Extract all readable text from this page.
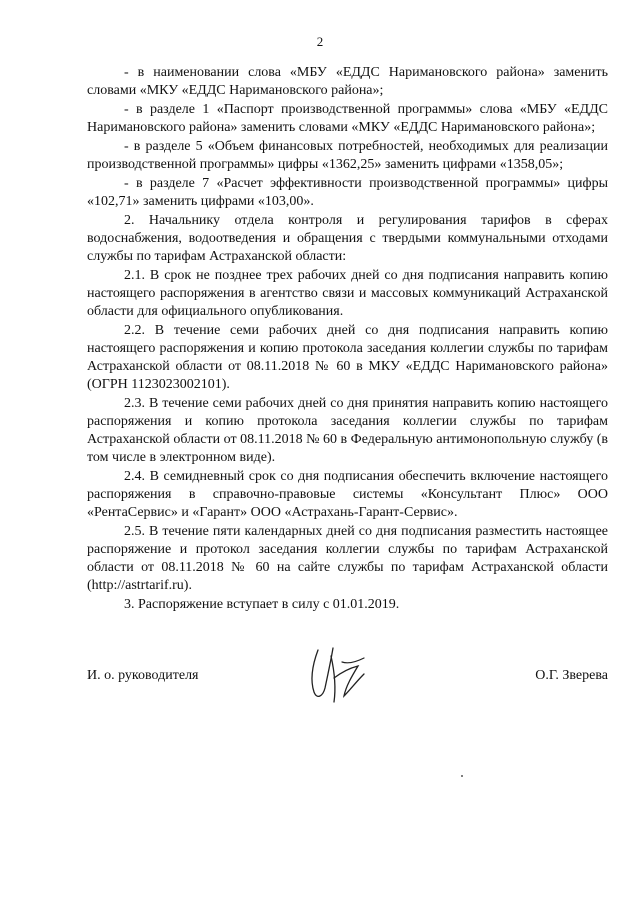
2

- в наименовании слова «МБУ «ЕДДС Наримановского района» заменить словами «МКУ «ЕДДС Наримановского района»;

- в разделе 1 «Паспорт производственной программы» слова «МБУ «ЕДДС Наримановского района» заменить словами «МКУ «ЕДДС Наримановского района»;

- в разделе 5 «Объем финансовых потребностей, необходимых для реализации производственной программы» цифры «1362,25» заменить цифрами «1358,05»;

- в разделе 7 «Расчет эффективности производственной программы» цифры «102,71» заменить цифрами «103,00».

2. Начальнику отдела контроля и регулирования тарифов в сферах водоснабжения, водоотведения и обращения с твердыми коммунальными отходами службы по тарифам Астраханской области:

2.1. В срок не позднее трех рабочих дней со дня подписания направить копию настоящего распоряжения в агентство связи и массовых коммуникаций Астраханской области для официального опубликования.

2.2. В течение семи рабочих дней со дня подписания направить копию настоящего распоряжения и копию протокола заседания коллегии службы по тарифам Астраханской области от 08.11.2018 № 60 в МКУ «ЕДДС Наримановского района» (ОГРН 1123023002101).

2.3. В течение семи рабочих дней со дня принятия направить копию настоящего распоряжения и копию протокола заседания коллегии службы по тарифам Астраханской области от 08.11.2018 № 60 в Федеральную антимонопольную службу (в том числе в электронном виде).

2.4. В семидневный срок со дня подписания обеспечить включение настоящего распоряжения в справочно-правовые системы «Консультант Плюс» ООО «РентаСервис» и «Гарант» ООО «Астрахань-Гарант-Сервис».

2.5. В течение пяти календарных дней со дня подписания разместить настоящее распоряжение и протокол заседания коллегии службы по тарифам Астраханской области от 08.11.2018 № 60 на сайте службы по тарифам Астраханской области (http://astrtarif.ru).

3. Распоряжение вступает в силу с 01.01.2019.

И. о. руководителя	О.Г. Зверева
